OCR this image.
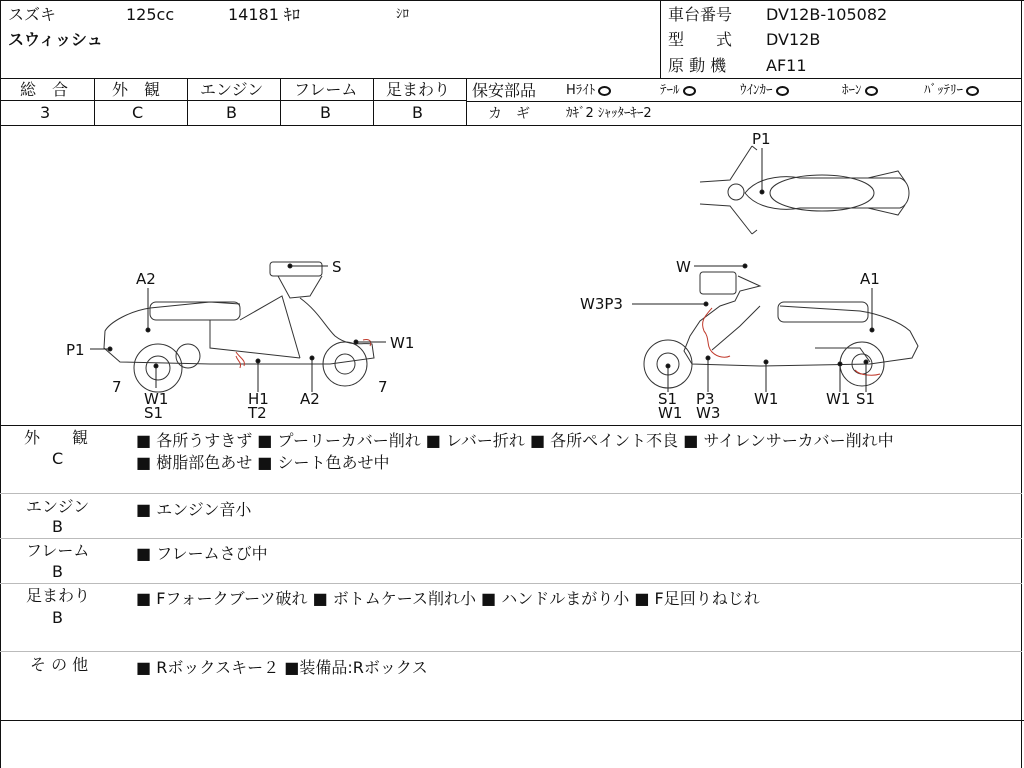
スズキ	125cc	14181 ｷﾛ	ｼﾛ
スウィッシュ
車台番号 DV12B-105082
型　　式 DV12B
原 動 機 AF11
総　合
3
外　観
C
エンジン
B
フレーム
B
足まわり
B
保安部品 Hﾗｲﾄ	ﾃｰﾙ	ｳｲﾝｶｰ	ﾎｰﾝ	ﾊﾞｯﾃﾘｰ
カ　ギ	ｶｷﾞ2 ｼｬｯﾀｰｷｰ2
P1
S
A2
P1	W1
7	7
W1
S1
H1
T2
A2
W
W3P3
A1
S1
W1
P3
W3
W1	W1 S1
外　　観
C
■ 各所うすきず ■ プーリーカバー削れ ■ レバー折れ ■ 各所ペイント不良 ■ サイレンサーカバー削れ中
■ 樹脂部色あせ ■ シート色あせ中
エンジン
B
■ エンジン音小
フレーム
B
■ フレームさび中
足まわり
B
■ Fフォークブーツ破れ ■ ボトムケース削れ小 ■ ハンドルまがり小 ■ F足回りねじれ
そ の 他	■ Rボックスキー２ ■装備品:Rボックス
